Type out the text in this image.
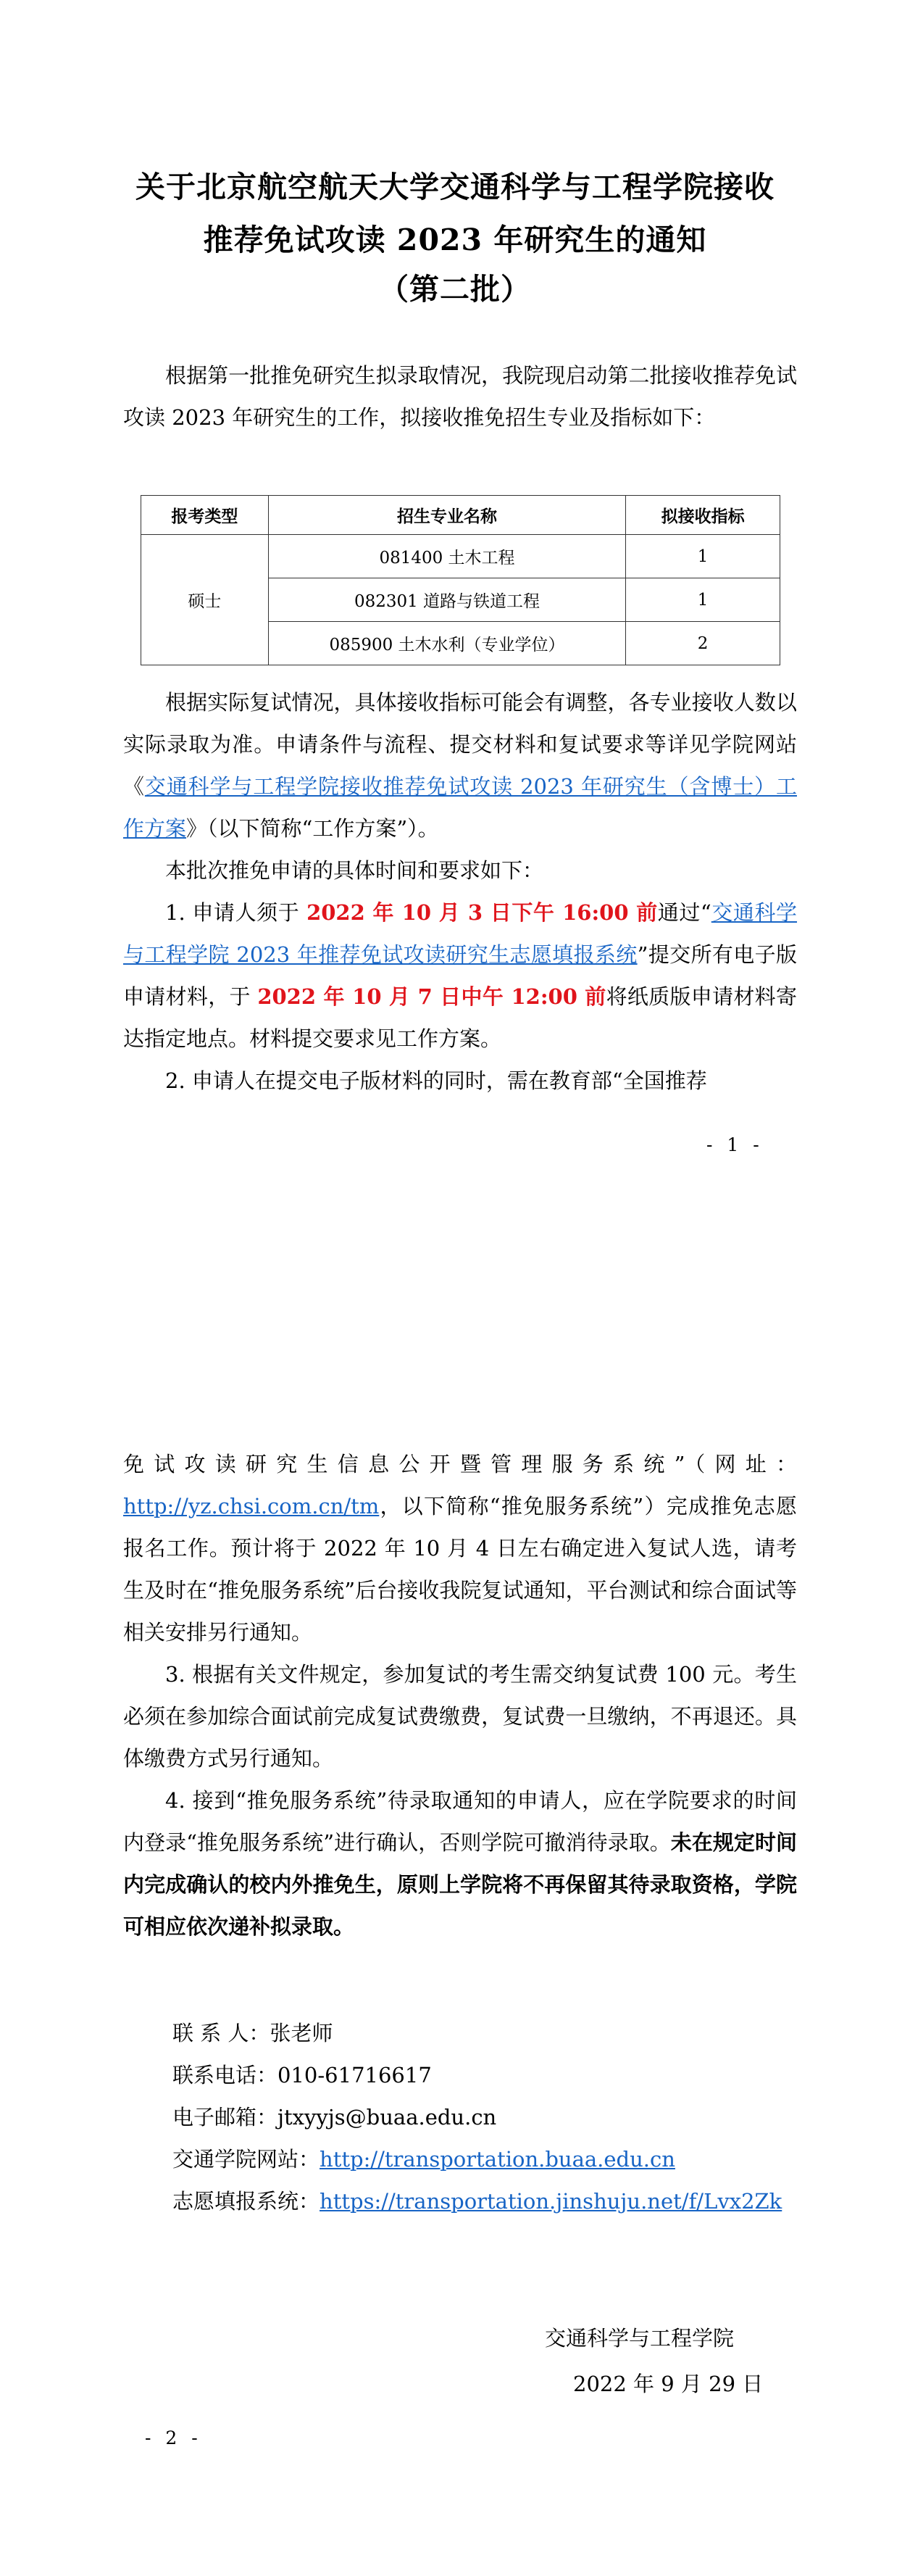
关于北京航空航天大学交通科学与工程学院接收
推荐免试攻读 2023 年研究生的通知
（第二批）
根据第一批推免研究生拟录取情况，我院现启动第二批接收推荐免试攻读 2023 年研究生的工作，拟接收推免招生专业及指标如下：
报考类型	招生专业名称	拟接收指标
硕士	081400 土木工程	1
	082301 道路与铁道工程	1
	085900 土木水利（专业学位）	2

根据实际复试情况，具体接收指标可能会有调整，各专业接收人数以实际录取为准。申请条件与流程、提交材料和复试要求等详见学院网站《交通科学与工程学院接收推荐免试攻读 2023 年研究生（含博士）工作方案》（以下简称“工作方案”）。

本批次推免申请的具体时间和要求如下：

1. 申请人须于 2022 年 10 月 3 日下午 16:00 前通过“交通科学与工程学院 2023 年推荐免试攻读研究生志愿填报系统”提交所有电子版申请材料，于 2022 年 10 月 7 日中午 12:00 前将纸质版申请材料寄达指定地点。材料提交要求见工作方案。

2. 申请人在提交电子版材料的同时，需在教育部“全国推荐

- 1 -

免试攻读研究生信息公开暨管理服务系统”（网址：http://yz.chsi.com.cn/tm，以下简称“推免服务系统”）完成推免志愿报名工作。预计将于 2022 年 10 月 4 日左右确定进入复试人选，请考生及时在“推免服务系统”后台接收我院复试通知，平台测试和综合面试等相关安排另行通知。

3. 根据有关文件规定，参加复试的考生需交纳复试费 100 元。考生必须在参加综合面试前完成复试费缴费，复试费一旦缴纳，不再退还。具体缴费方式另行通知。

4. 接到“推免服务系统”待录取通知的申请人，应在学院要求的时间内登录“推免服务系统”进行确认，否则学院可撤消待录取。未在规定时间内完成确认的校内外推免生，原则上学院将不再保留其待录取资格，学院可相应依次递补拟录取。

联 系 人：张老师
联系电话：010-61716617
电子邮箱：jtxyyjs@buaa.edu.cn
交通学院网站：http://transportation.buaa.edu.cn
志愿填报系统：https://transportation.jinshuju.net/f/Lvx2Zk
交通科学与工程学院
2022 年 9 月 29 日
- 2 -
